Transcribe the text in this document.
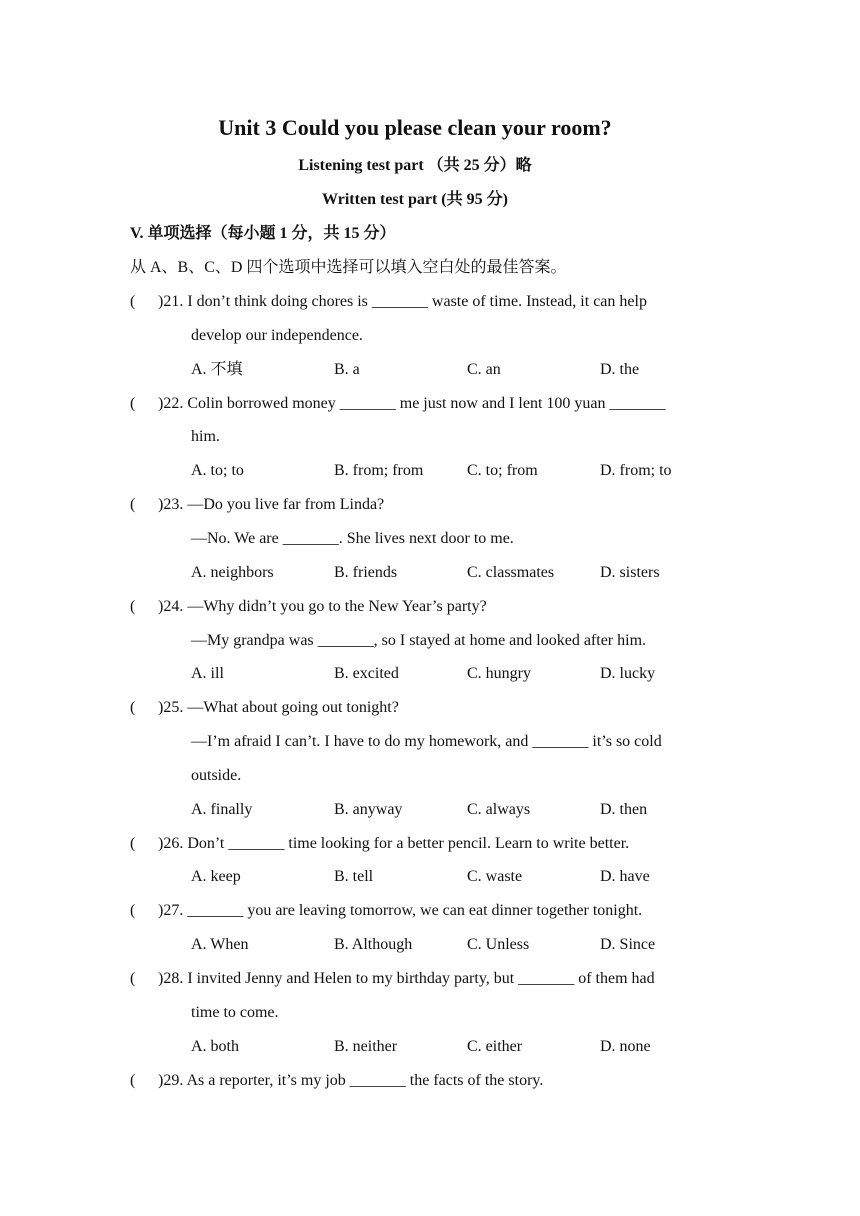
Unit 3 Could you please clean your room?
Listening test part （共 25 分）略
Written test part (共 95 分)
V. 单项选择（每小题 1 分，共 15 分）
从 A、B、C、D 四个选项中选择可以填入空白处的最佳答案。
( )21. I don’t think doing chores is _______ waste of time. Instead, it can help
develop our independence.
A. 不填	B. a	C. an	D. the
( )22. Colin borrowed money _______ me just now and I lent 100 yuan _______
him.
A. to; to	B. from; from	C. to; from	D. from; to
( )23. —Do you live far from Linda?
—No. We are _______. She lives next door to me.
A. neighbors	B. friends	C. classmates	D. sisters
( )24. —Why didn’t you go to the New Year’s party?
—My grandpa was _______, so I stayed at home and looked after him.
A. ill	B. excited	C. hungry	D. lucky
( )25. —What about going out tonight?
—I’m afraid I can’t. I have to do my homework, and _______ it’s so cold
outside.
A. finally	B. anyway	C. always	D. then
( )26. Don’t _______ time looking for a better pencil. Learn to write better.
A. keep	B. tell	C. waste	D. have
( )27. _______ you are leaving tomorrow, we can eat dinner together tonight.
A. When	B. Although	C. Unless	D. Since
( )28. I invited Jenny and Helen to my birthday party, but _______ of them had
time to come.
A. both	B. neither	C. either	D. none
( )29. As a reporter, it’s my job _______ the facts of the story.
